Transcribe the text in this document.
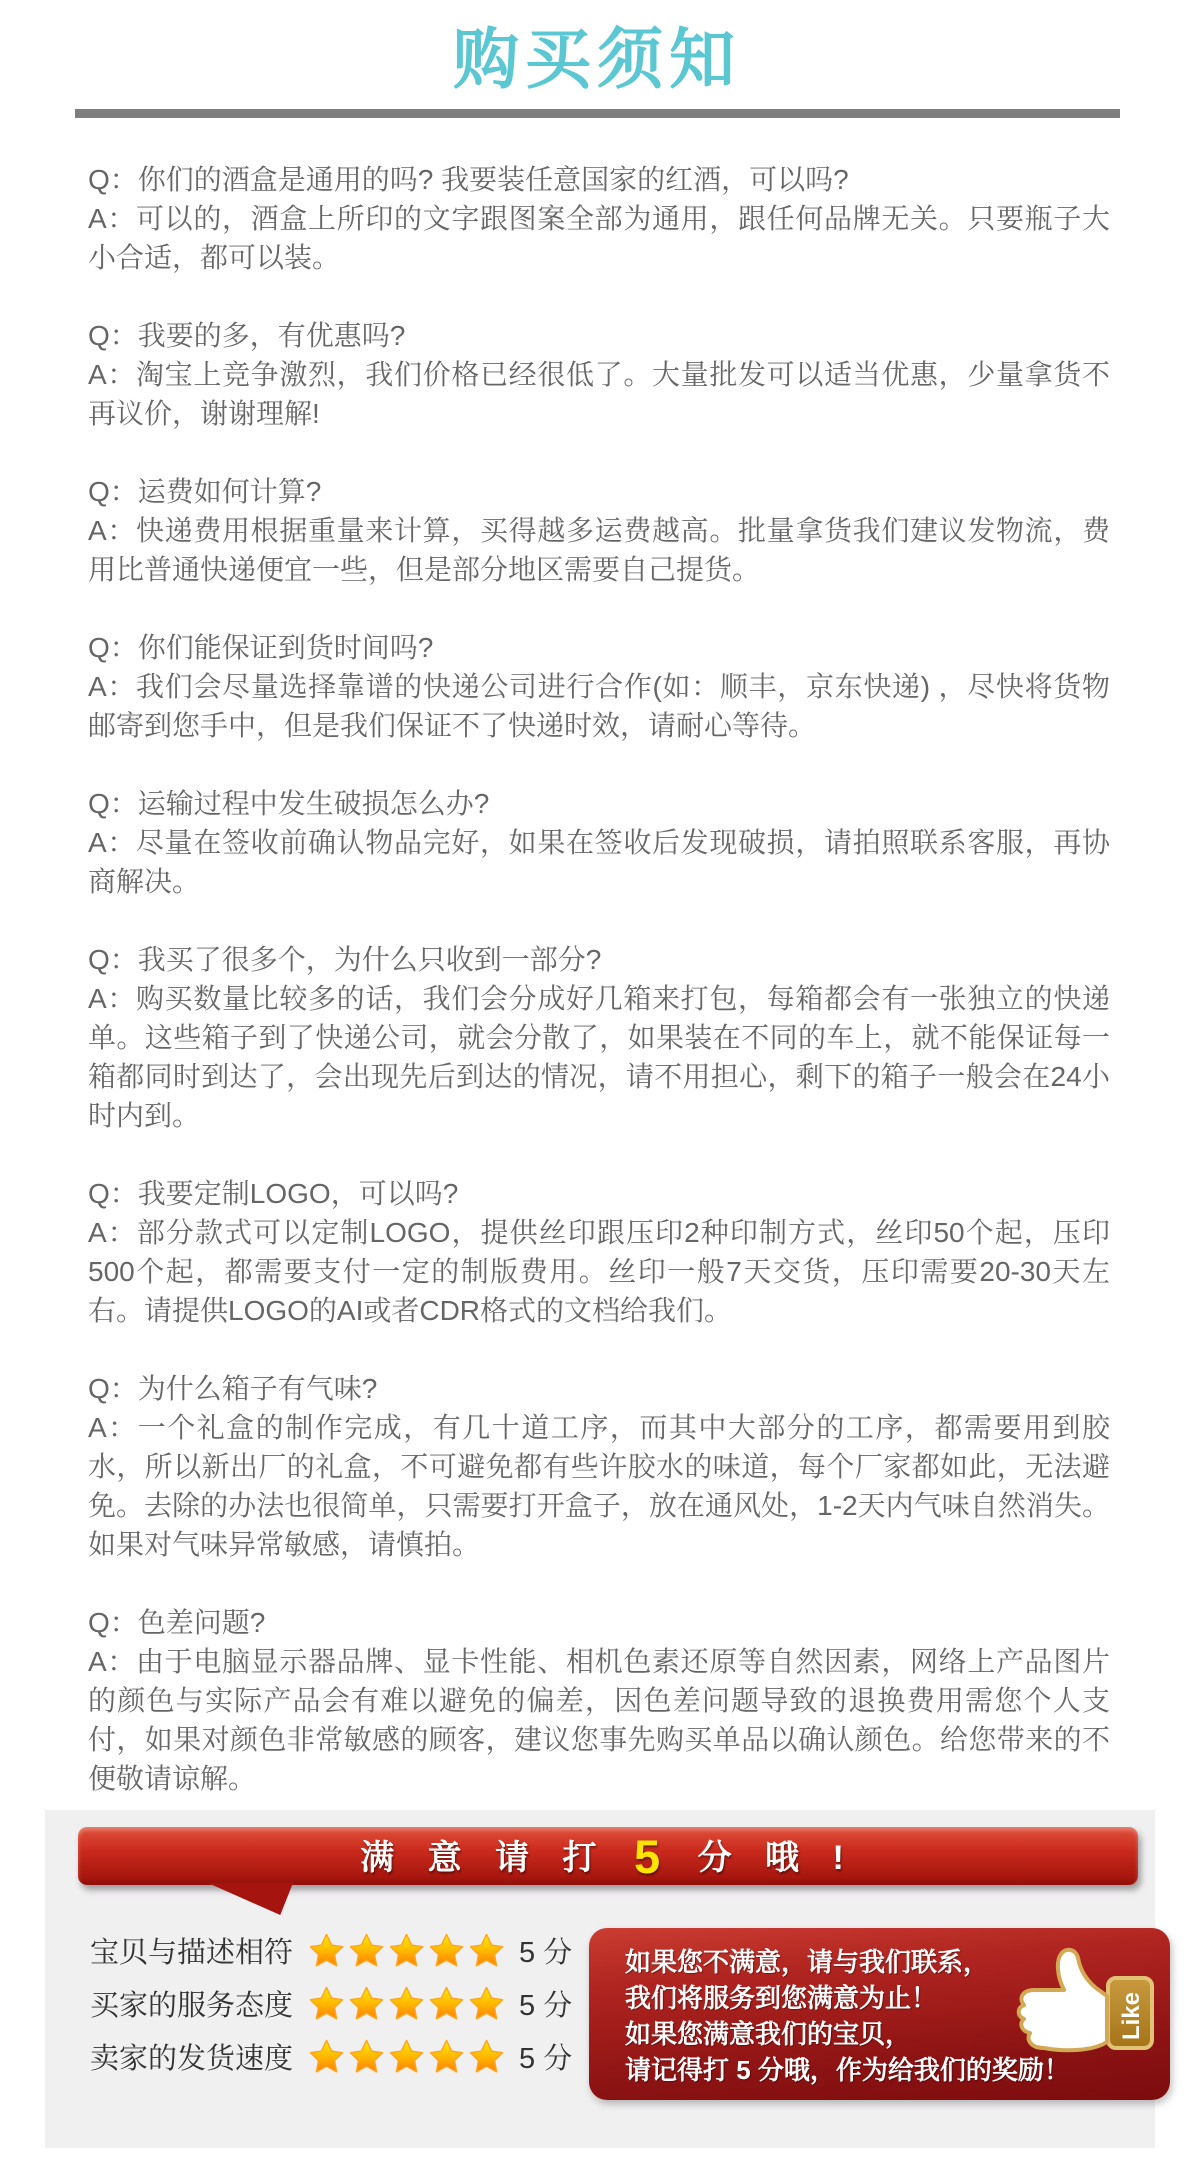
购买须知

Q：你们的酒盒是通用的吗? 我要装任意国家的红酒，可以吗?

A：可以的，酒盒上所印的文字跟图案全部为通用，跟任何品牌无关。只要瓶子大小合适，都可以装。

Q：我要的多，有优惠吗?

A：淘宝上竞争激烈，我们价格已经很低了。大量批发可以适当优惠，少量拿货不再议价，谢谢理解!

Q：运费如何计算?

A：快递费用根据重量来计算，买得越多运费越高。批量拿货我们建议发物流，费用比普通快递便宜一些，但是部分地区需要自己提货。

Q：你们能保证到货时间吗?

A：我们会尽量选择靠谱的快递公司进行合作(如：顺丰，京东快递) ，尽快将货物邮寄到您手中，但是我们保证不了快递时效，请耐心等待。

Q：运输过程中发生破损怎么办?

A：尽量在签收前确认物品完好，如果在签收后发现破损，请拍照联系客服，再协商解决。

Q：我买了很多个，为什么只收到一部分?

A：购买数量比较多的话，我们会分成好几箱来打包，每箱都会有一张独立的快递单。这些箱子到了快递公司，就会分散了，如果装在不同的车上，就不能保证每一箱都同时到达了，会出现先后到达的情况，请不用担心，剩下的箱子一般会在24小时内到。

Q：我要定制LOGO，可以吗?

A：部分款式可以定制LOGO，提供丝印跟压印2种印制方式，丝印50个起，压印500个起，都需要支付一定的制版费用。丝印一般7天交货，压印需要20-30天左右。请提供LOGO的AI或者CDR格式的文档给我们。

Q：为什么箱子有气味?

A：一个礼盒的制作完成，有几十道工序，而其中大部分的工序，都需要用到胶水，所以新出厂的礼盒，不可避免都有些许胶水的味道，每个厂家都如此，无法避免。去除的办法也很简单，只需要打开盒子，放在通风处，1-2天内气味自然消失。如果对气味异常敏感，请慎拍。

Q：色差问题?

A：由于电脑显示器品牌、显卡性能、相机色素还原等自然因素，网络上产品图片的颜色与实际产品会有难以避免的偏差，因色差问题导致的退换费用需您个人支付，如果对颜色非常敏感的顾客，建议您事先购买单品以确认颜色。给您带来的不便敬请谅解。

满 意 请 打 5 分 哦 !
宝贝与描述相符	5 分
买家的服务态度	5 分
卖家的发货速度	5 分

如果您不满意，请与我们联系，

我们将服务到您满意为止！

如果您满意我们的宝贝，

请记得打 5 分哦，作为给我们的奖励！

Like
